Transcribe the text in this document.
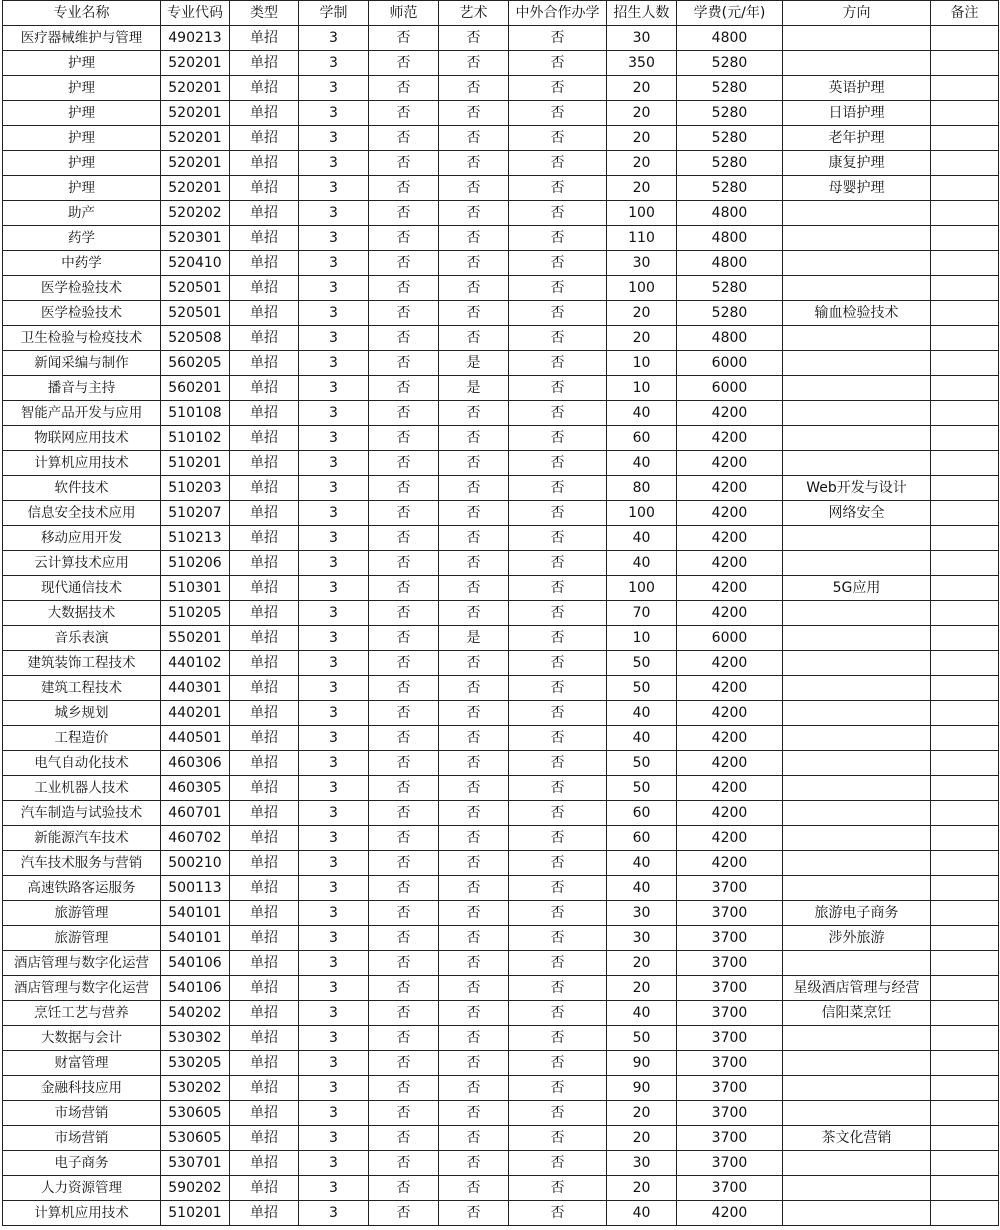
专业名称	专业代码	类型	学制	师范	艺术	中外合作办学	招生人数	学费(元/年)	方向	备注
医疗器械维护与管理	490213	单招	3	否	否	否	30	4800		
护理	520201	单招	3	否	否	否	350	5280		
护理	520201	单招	3	否	否	否	20	5280	英语护理	
护理	520201	单招	3	否	否	否	20	5280	日语护理	
护理	520201	单招	3	否	否	否	20	5280	老年护理	
护理	520201	单招	3	否	否	否	20	5280	康复护理	
护理	520201	单招	3	否	否	否	20	5280	母婴护理	
助产	520202	单招	3	否	否	否	100	4800		
药学	520301	单招	3	否	否	否	110	4800		
中药学	520410	单招	3	否	否	否	30	4800		
医学检验技术	520501	单招	3	否	否	否	100	5280		
医学检验技术	520501	单招	3	否	否	否	20	5280	输血检验技术	
卫生检验与检疫技术	520508	单招	3	否	否	否	20	4800		
新闻采编与制作	560205	单招	3	否	是	否	10	6000		
播音与主持	560201	单招	3	否	是	否	10	6000		
智能产品开发与应用	510108	单招	3	否	否	否	40	4200		
物联网应用技术	510102	单招	3	否	否	否	60	4200		
计算机应用技术	510201	单招	3	否	否	否	40	4200		
软件技术	510203	单招	3	否	否	否	80	4200	Web开发与设计	
信息安全技术应用	510207	单招	3	否	否	否	100	4200	网络安全	
移动应用开发	510213	单招	3	否	否	否	40	4200		
云计算技术应用	510206	单招	3	否	否	否	40	4200		
现代通信技术	510301	单招	3	否	否	否	100	4200	5G应用	
大数据技术	510205	单招	3	否	否	否	70	4200		
音乐表演	550201	单招	3	否	是	否	10	6000		
建筑装饰工程技术	440102	单招	3	否	否	否	50	4200		
建筑工程技术	440301	单招	3	否	否	否	50	4200		
城乡规划	440201	单招	3	否	否	否	40	4200		
工程造价	440501	单招	3	否	否	否	40	4200		
电气自动化技术	460306	单招	3	否	否	否	50	4200		
工业机器人技术	460305	单招	3	否	否	否	50	4200		
汽车制造与试验技术	460701	单招	3	否	否	否	60	4200		
新能源汽车技术	460702	单招	3	否	否	否	60	4200		
汽车技术服务与营销	500210	单招	3	否	否	否	40	4200		
高速铁路客运服务	500113	单招	3	否	否	否	40	3700		
旅游管理	540101	单招	3	否	否	否	30	3700	旅游电子商务	
旅游管理	540101	单招	3	否	否	否	30	3700	涉外旅游	
酒店管理与数字化运营	540106	单招	3	否	否	否	20	3700		
酒店管理与数字化运营	540106	单招	3	否	否	否	20	3700	星级酒店管理与经营	
烹饪工艺与营养	540202	单招	3	否	否	否	40	3700	信阳菜烹饪	
大数据与会计	530302	单招	3	否	否	否	50	3700		
财富管理	530205	单招	3	否	否	否	90	3700		
金融科技应用	530202	单招	3	否	否	否	90	3700		
市场营销	530605	单招	3	否	否	否	20	3700		
市场营销	530605	单招	3	否	否	否	20	3700	茶文化营销	
电子商务	530701	单招	3	否	否	否	30	3700		
人力资源管理	590202	单招	3	否	否	否	20	3700		
计算机应用技术	510201	单招	3	否	否	否	40	4200		
